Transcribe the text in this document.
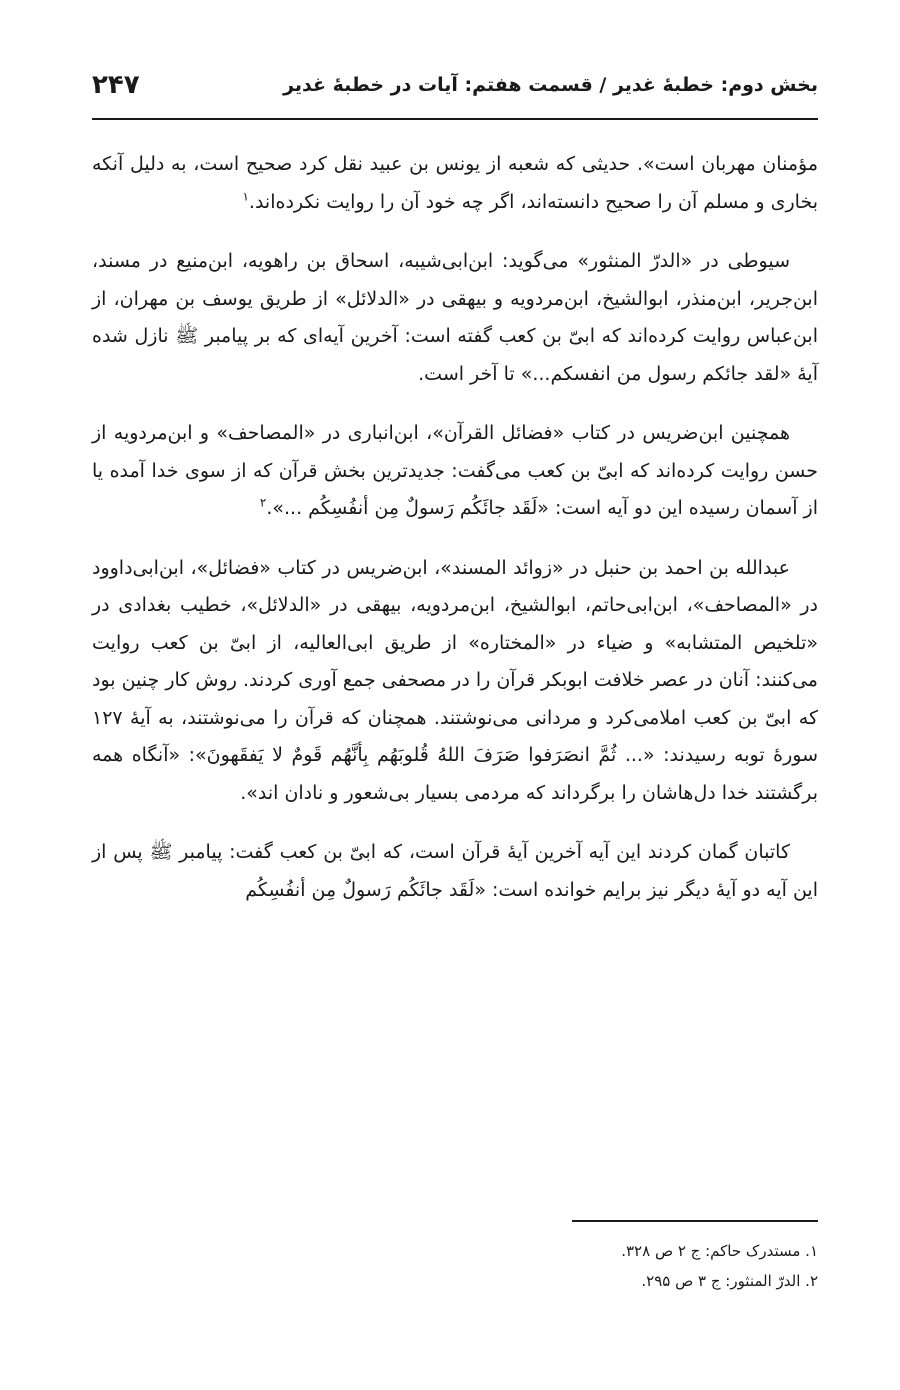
بخش دوم: خطبهٔ غدیر / قسمت هفتم: آیات در خطبهٔ غدیر
۲۴۷

مؤمنان مهربان است». حدیثی که شعبه از یونس بن عبید نقل کرد صحیح است، به دلیل آنکه بخاری و مسلم آن را صحیح دانسته‌اند، اگر چه خود آن را روایت نکرده‌اند.$^۱$

سیوطی در «الدرّ المنثور» می‌گوید: ابن‌ابی‌شیبه، اسحاق بن راهویه، ابن‌منیع در مسند، ابن‌جریر، ابن‌منذر، ابوالشیخ، ابن‌مردویه و بیهقی در «الدلائل» از طریق یوسف بن مهران، از ابن‌عباس روایت کرده‌اند که ابیّ بن کعب گفته است: آخرین آیه‌ای که بر پیامبر ﷺ نازل شده آیهٔ «لقد جائکم رسول من انفسکم...» تا آخر است.

همچنین ابن‌ضریس در کتاب «فضائل القرآن»، ابن‌انباری در «المصاحف» و ابن‌مردویه از حسن روایت کرده‌اند که ابیّ بن کعب می‌گفت: جدیدترین بخش قرآن که از سوی خدا آمده یا از آسمان رسیده این دو آیه است: «لَقَد جائَکُم رَسولٌ مِن أنفُسِکُم ...».$^۲$

عبدالله بن احمد بن حنبل در «زوائد المسند»، ابن‌ضریس در کتاب «فضائل»، ابن‌ابی‌داوود در «المصاحف»، ابن‌ابی‌حاتم، ابوالشیخ، ابن‌مردویه، بیهقی در «الدلائل»، خطیب بغدادی در «تلخیص المتشابه» و ضیاء در «المختاره» از طریق ابی‌العالیه، از ابیّ بن کعب روایت می‌کنند: آنان در عصر خلافت ابوبکر قرآن را در مصحفی جمع آوری کردند. روش کار چنین بود که ابیّ بن کعب املامی‌کرد و مردانی می‌نوشتند. همچنان که قرآن را می‌نوشتند، به آیهٔ ۱۲۷ سورهٔ توبه رسیدند: «... ثُمَّ انصَرَفوا صَرَفَ اللهُ قُلوبَهُم بِأنَّهُم قَومٌ لا یَفقَهونَ»: «آنگاه همه برگشتند خدا دل‌هاشان را برگرداند که مردمی بسیار بی‌شعور و نادان اند».

کاتبان گمان کردند این آیه آخرین آیهٔ قرآن است، که ابیّ بن کعب گفت: پیامبر ﷺ پس از این آیه دو آیهٔ دیگر نیز برایم خوانده است: «لَقَد جائَکُم رَسولٌ مِن أنفُسِکُم

۱. مستدرک حاکم: ج ۲ ص ۳۲۸.

۲. الدرّ المنثور: ج ۳ ص ۲۹۵.
